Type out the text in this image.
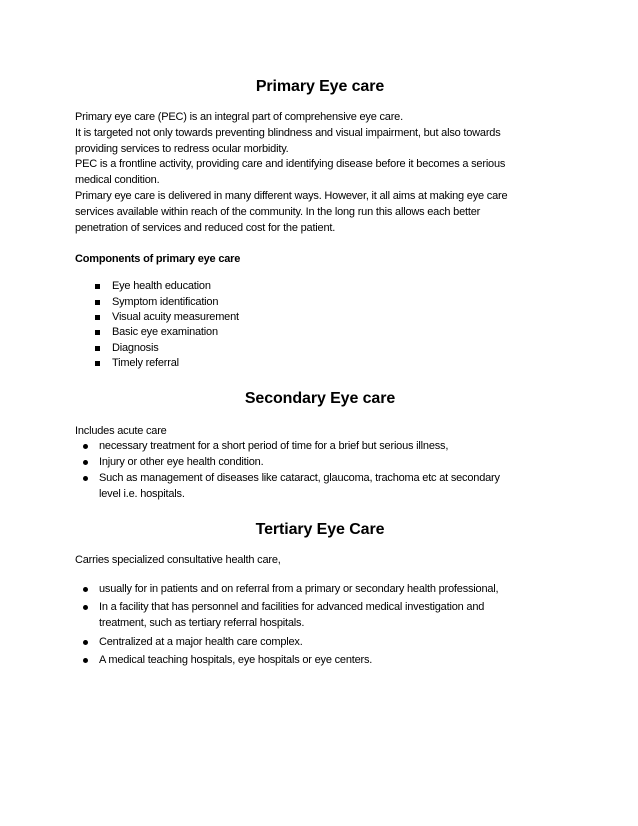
Primary Eye care
Primary eye care (PEC) is an integral part of comprehensive eye care.
It is targeted not only towards preventing blindness and visual impairment, but also towards
providing services to redress ocular morbidity.
PEC is a frontline activity, providing care and identifying disease before it becomes a serious
medical condition.
Primary eye care is delivered in many different ways. However, it all aims at making eye care
services available within reach of the community. In the long run this allows each better
penetration of services and reduced cost for the patient.
Components of primary eye care
Eye health education
Symptom identification
Visual acuity measurement
Basic eye examination
Diagnosis
Timely referral
Secondary Eye care
Includes acute care
necessary treatment for a short period of time for a brief but serious illness,
Injury or other eye health condition.
Such as management of diseases like cataract, glaucoma, trachoma etc at secondary
level i.e. hospitals.
Tertiary Eye Care
Carries specialized consultative health care,
usually for in patients and on referral from a primary or secondary health professional,
In a facility that has personnel and facilities for advanced medical investigation and
treatment, such as tertiary referral hospitals.
Centralized at a major health care complex.
A medical teaching hospitals, eye hospitals or eye centers.
